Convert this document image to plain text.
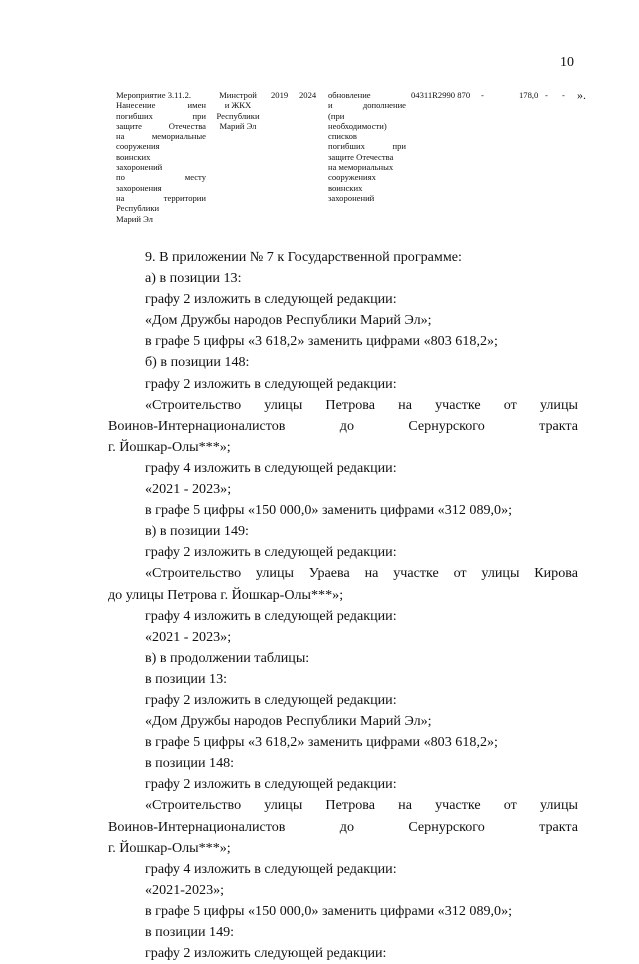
10
Мероприятие 3.11.2.
Нанесение имен
погибших при
защите Отечества
на мемориальные
сооружения
воинских
захоронений
по месту
захоронения
на территории
Республики
Марий Эл
Минстрой
и ЖКХ
Республики
Марий Эл
2019 2024 обновление
и дополнение
(при
необходимости)
списков
погибших при
защите Отечества
на мемориальных
сооружениях
воинских
захоронений
04311R2990 870 -	178,0 - - ».

9. В приложении № 7 к Государственной программе:

а) в позиции 13:

графу 2 изложить в следующей редакции:

«Дом Дружбы народов Республики Марий Эл»;

в графе 5 цифры «3 618,2» заменить цифрами «803 618,2»;

б) в позиции 148:

графу 2 изложить в следующей редакции:

«Строительство улицы Петрова на участке от улицы
Воинов-Интернационалистов до Сернурского тракта
г. Йошкар-Олы***»;

графу 4 изложить в следующей редакции:

«2021 - 2023»;

в графе 5 цифры «150 000,0» заменить цифрами «312 089,0»;

в) в позиции 149:

графу 2 изложить в следующей редакции:

«Строительство улицы Ураева на участке от улицы Кирова
до улицы Петрова г. Йошкар-Олы***»;

графу 4 изложить в следующей редакции:

«2021 - 2023»;

в) в продолжении таблицы:

в позиции 13:

графу 2 изложить в следующей редакции:

«Дом Дружбы народов Республики Марий Эл»;

в графе 5 цифры «3 618,2» заменить цифрами «803 618,2»;

в позиции 148:

графу 2 изложить в следующей редакции:

«Строительство улицы Петрова на участке от улицы
Воинов-Интернационалистов до Сернурского тракта
г. Йошкар-Олы***»;

графу 4 изложить в следующей редакции:

«2021-2023»;

в графе 5 цифры «150 000,0» заменить цифрами «312 089,0»;

в позиции 149:

графу 2 изложить следующей редакции:
